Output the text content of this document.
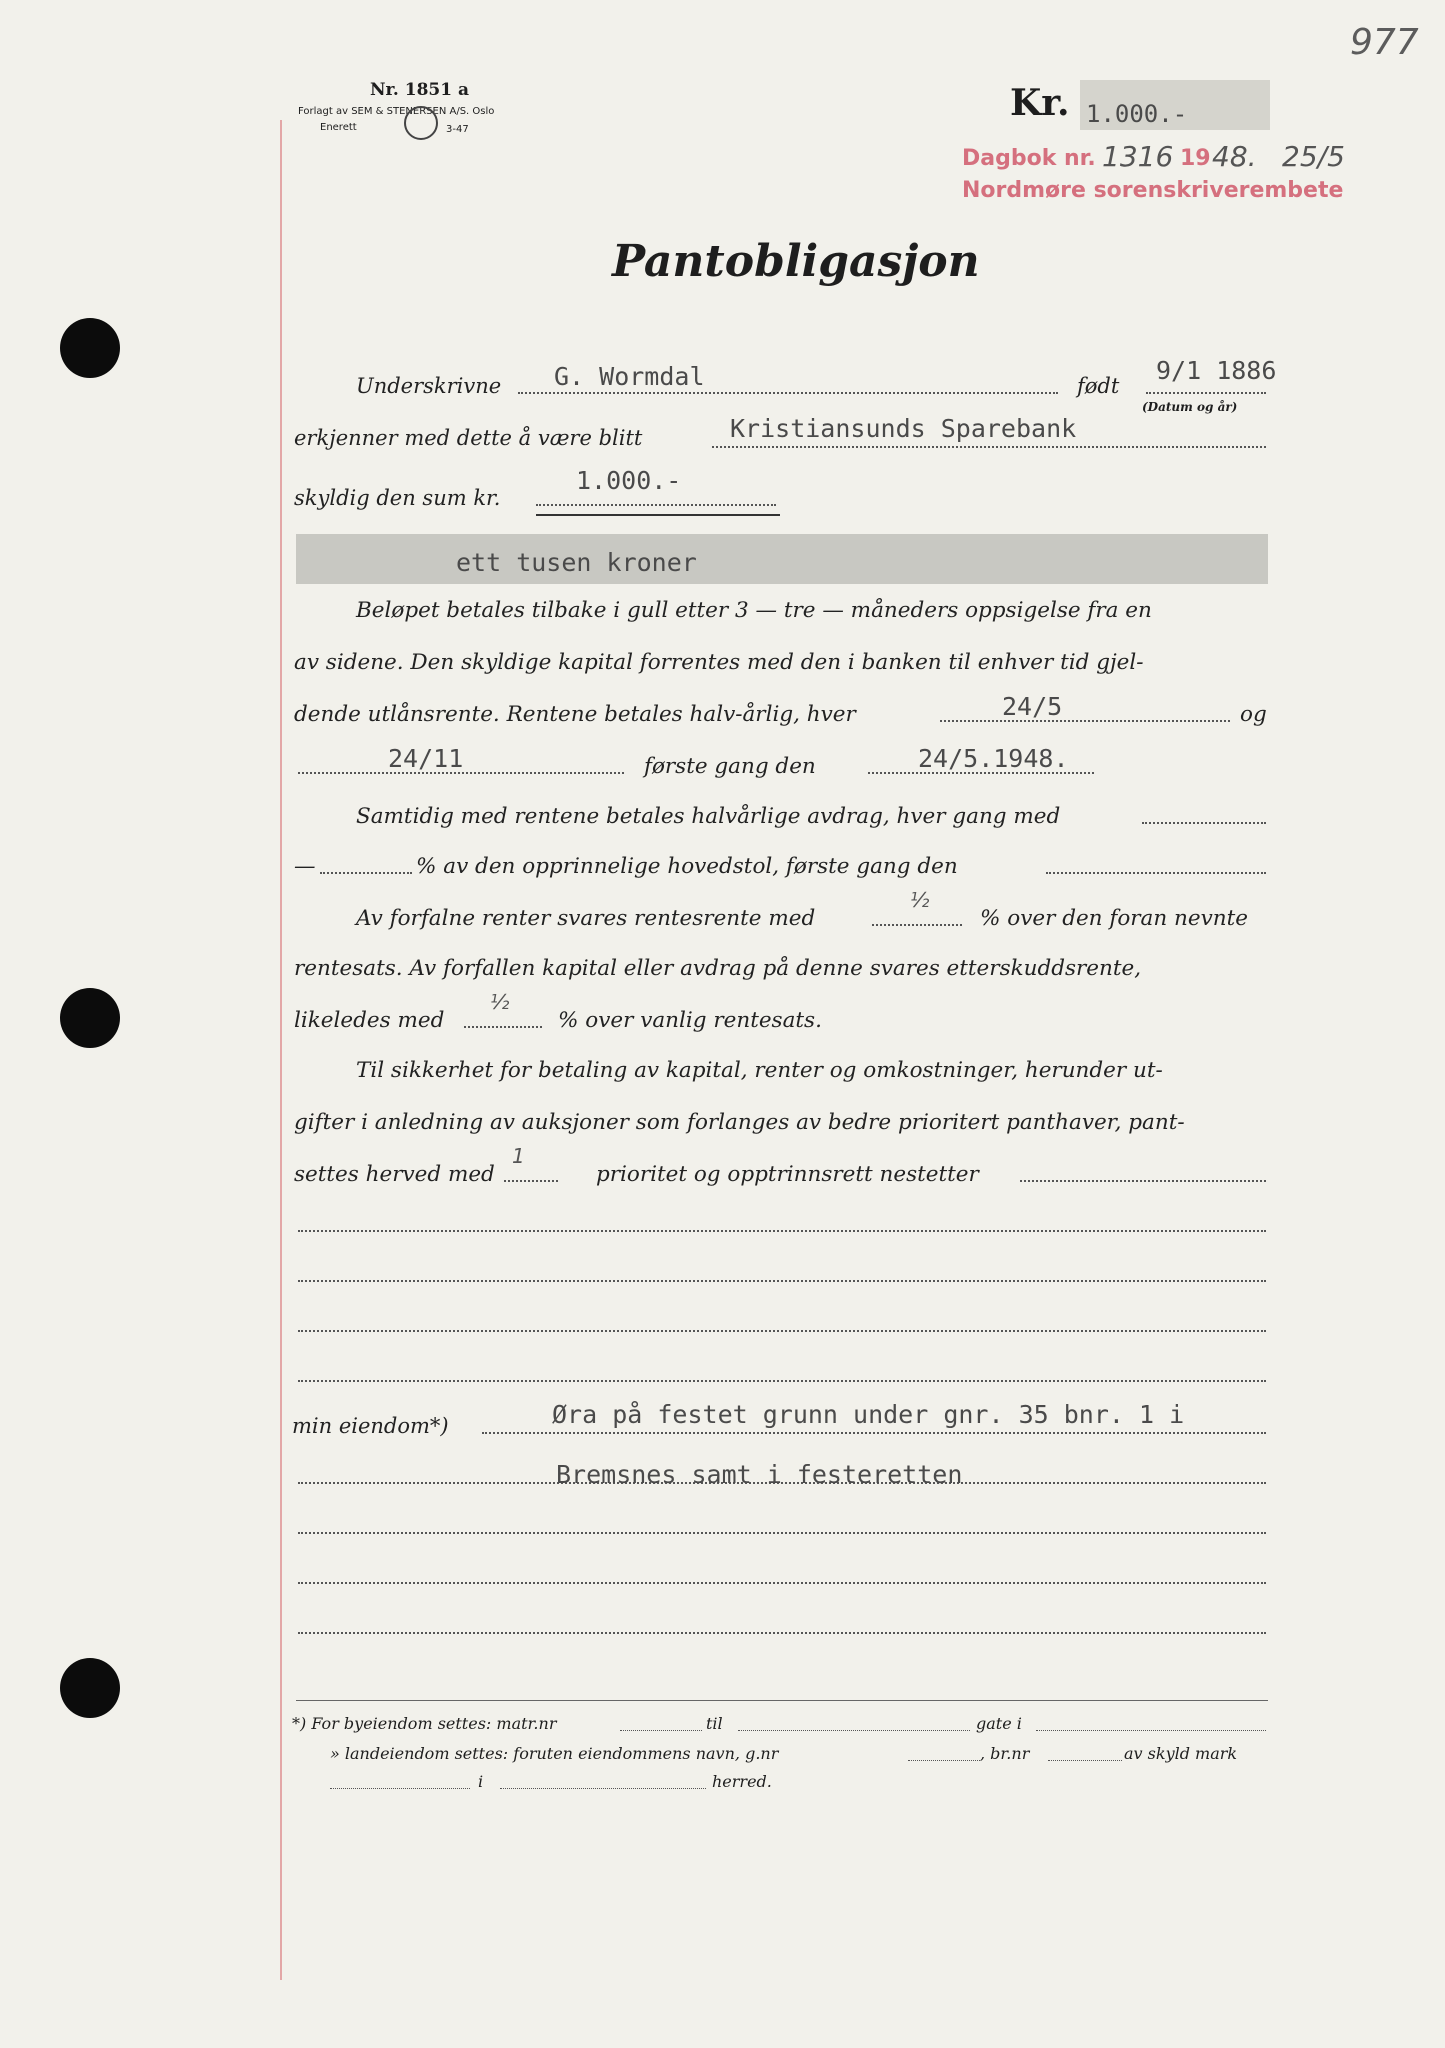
Nr. 1851 a
Forlagt av SEM & STENERSEN A/S. Oslo
Enerett	3-47
977
Kr. 1.000.-
Dagbok nr. 1316 19 48. 25/5
Nordmøre sorenskriverembete
Pantobligasjon
Underskrivne G. Wormdal	født
9/1 1886
(Datum og år)
erkjenner med dette å være blitt	Kristiansunds Sparebank
skyldig den sum kr.
1.000.-
ett tusen kroner
Beløpet betales tilbake i gull etter 3 — tre — måneders oppsigelse fra en
av sidene. Den skyldige kapital forrentes med den i banken til enhver tid gjel-
dende utlånsrente. Rentene betales halv-årlig, hver	24/5	og
24/11	første gang den	24/5.1948.
Samtidig med rentene betales halvårlige avdrag, hver gang med
—	% av den opprinnelige hovedstol, første gang den
Av forfalne renter svares rentesrente med
½
% over den foran nevnte
rentesats. Av forfallen kapital eller avdrag på denne svares etterskuddsrente,
likeledes med
½
% over vanlig rentesats.
Til sikkerhet for betaling av kapital, renter og omkostninger, herunder ut-
gifter i anledning av auksjoner som forlanges av bedre prioritert panthaver, pant-
settes herved med
1
prioritet og opptrinnsrett nestetter
min eiendom*)	Øra på festet grunn under gnr. 35 bnr. 1 i
Bremsnes samt i festeretten
*) For byeiendom settes: matr.nr	til	gate i
» landeiendom settes: foruten eiendommens navn, g.nr	, br.nr	av skyld mark
i	herred.
